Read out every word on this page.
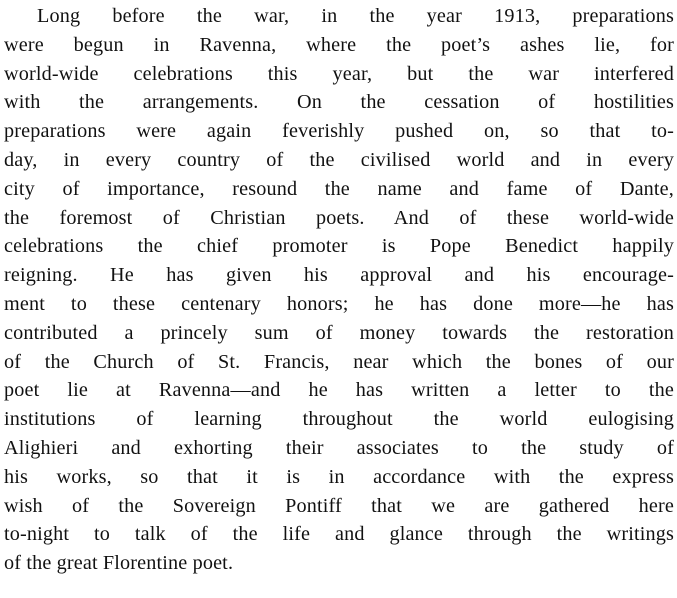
Long before the war, in the year 1913, preparations
were begun in Ravenna, where the poet’s ashes lie, for
world-wide celebrations this year, but the war interfered
with the arrangements. On the cessation of hostilities
preparations were again feverishly pushed on, so that to-
day, in every country of the civilised world and in every
city of importance, resound the name and fame of Dante,
the foremost of Christian poets. And of these world-wide
celebrations the chief promoter is Pope Benedict happily
reigning. He has given his approval and his encourage-
ment to these centenary honors; he has done more—he has
contributed a princely sum of money towards the restoration
of the Church of St. Francis, near which the bones of our
poet lie at Ravenna—and he has written a letter to the
institutions of learning throughout the world eulogising
Alighieri and exhorting their associates to the study of
his works, so that it is in accordance with the express
wish of the Sovereign Pontiff that we are gathered here
to-night to talk of the life and glance through the writings
of the great Florentine poet.
